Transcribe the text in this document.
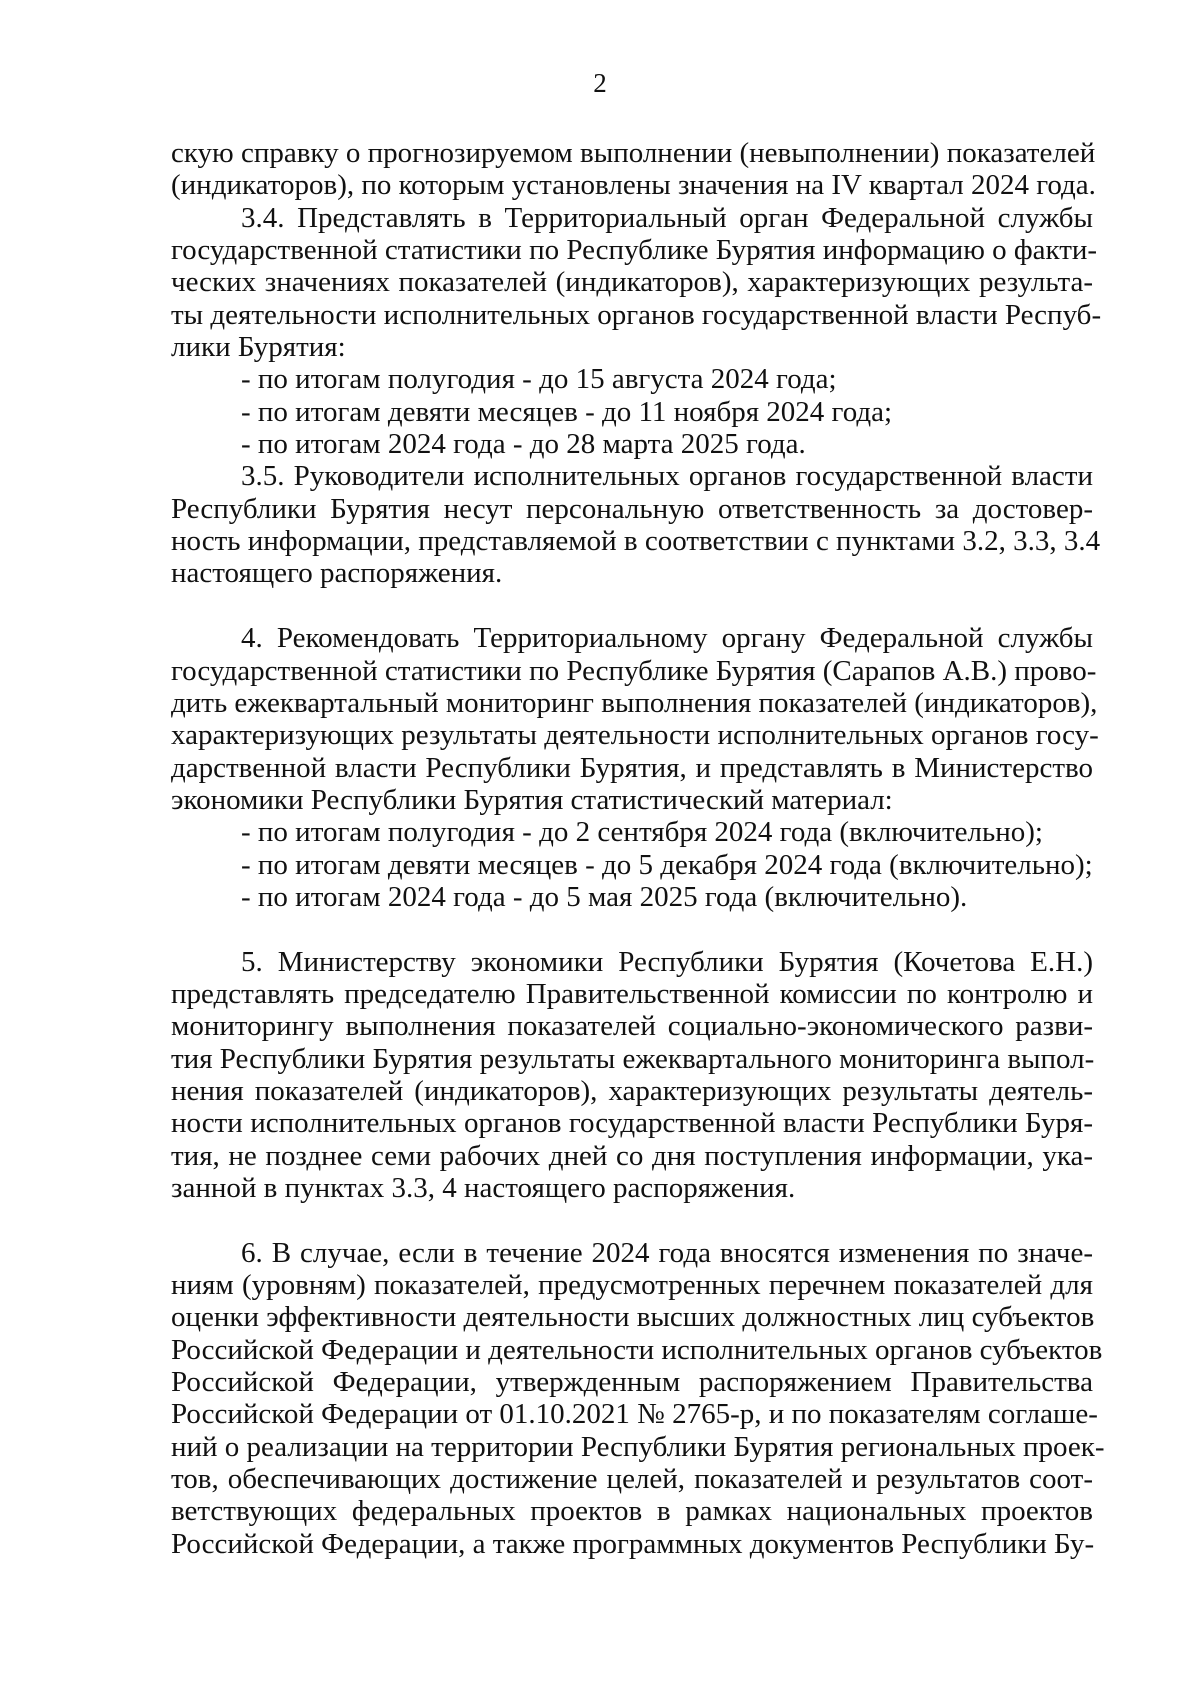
2
скую справку о прогнозируемом выполнении (невыполнении) показателей
(индикаторов), по которым установлены значения на IV квартал 2024 года.
3.4. Представлять в Территориальный орган Федеральной службы
государственной статистики по Республике Бурятия информацию о факти-
ческих значениях показателей (индикаторов), характеризующих результа-
ты деятельности исполнительных органов государственной власти Респуб-
лики Бурятия:
- по итогам полугодия - до 15 августа 2024 года;
- по итогам девяти месяцев - до 11 ноября 2024 года;
- по итогам 2024 года - до 28 марта 2025 года.
3.5. Руководители исполнительных органов государственной власти
Республики Бурятия несут персональную ответственность за достовер-
ность информации, представляемой в соответствии с пунктами 3.2, 3.3, 3.4
настоящего распоряжения.
4. Рекомендовать Территориальному органу Федеральной службы
государственной статистики по Республике Бурятия (Сарапов А.В.) прово-
дить ежеквартальный мониторинг выполнения показателей (индикаторов),
характеризующих результаты деятельности исполнительных органов госу-
дарственной власти Республики Бурятия, и представлять в Министерство
экономики Республики Бурятия статистический материал:
- по итогам полугодия - до 2 сентября 2024 года (включительно);
- по итогам девяти месяцев - до 5 декабря 2024 года (включительно);
- по итогам 2024 года - до 5 мая 2025 года (включительно).
5. Министерству экономики Республики Бурятия (Кочетова Е.Н.)
представлять председателю Правительственной комиссии по контролю и
мониторингу выполнения показателей социально-экономического разви-
тия Республики Бурятия результаты ежеквартального мониторинга выпол-
нения показателей (индикаторов), характеризующих результаты деятель-
ности исполнительных органов государственной власти Республики Буря-
тия, не позднее семи рабочих дней со дня поступления информации, ука-
занной в пунктах 3.3, 4 настоящего распоряжения.
6. В случае, если в течение 2024 года вносятся изменения по значе-
ниям (уровням) показателей, предусмотренных перечнем показателей для
оценки эффективности деятельности высших должностных лиц субъектов
Российской Федерации и деятельности исполнительных органов субъектов
Российской Федерации, утвержденным распоряжением Правительства
Российской Федерации от 01.10.2021 № 2765-р, и по показателям соглаше-
ний о реализации на территории Республики Бурятия региональных проек-
тов, обеспечивающих достижение целей, показателей и результатов соот-
ветствующих федеральных проектов в рамках национальных проектов
Российской Федерации, а также программных документов Республики Бу-
